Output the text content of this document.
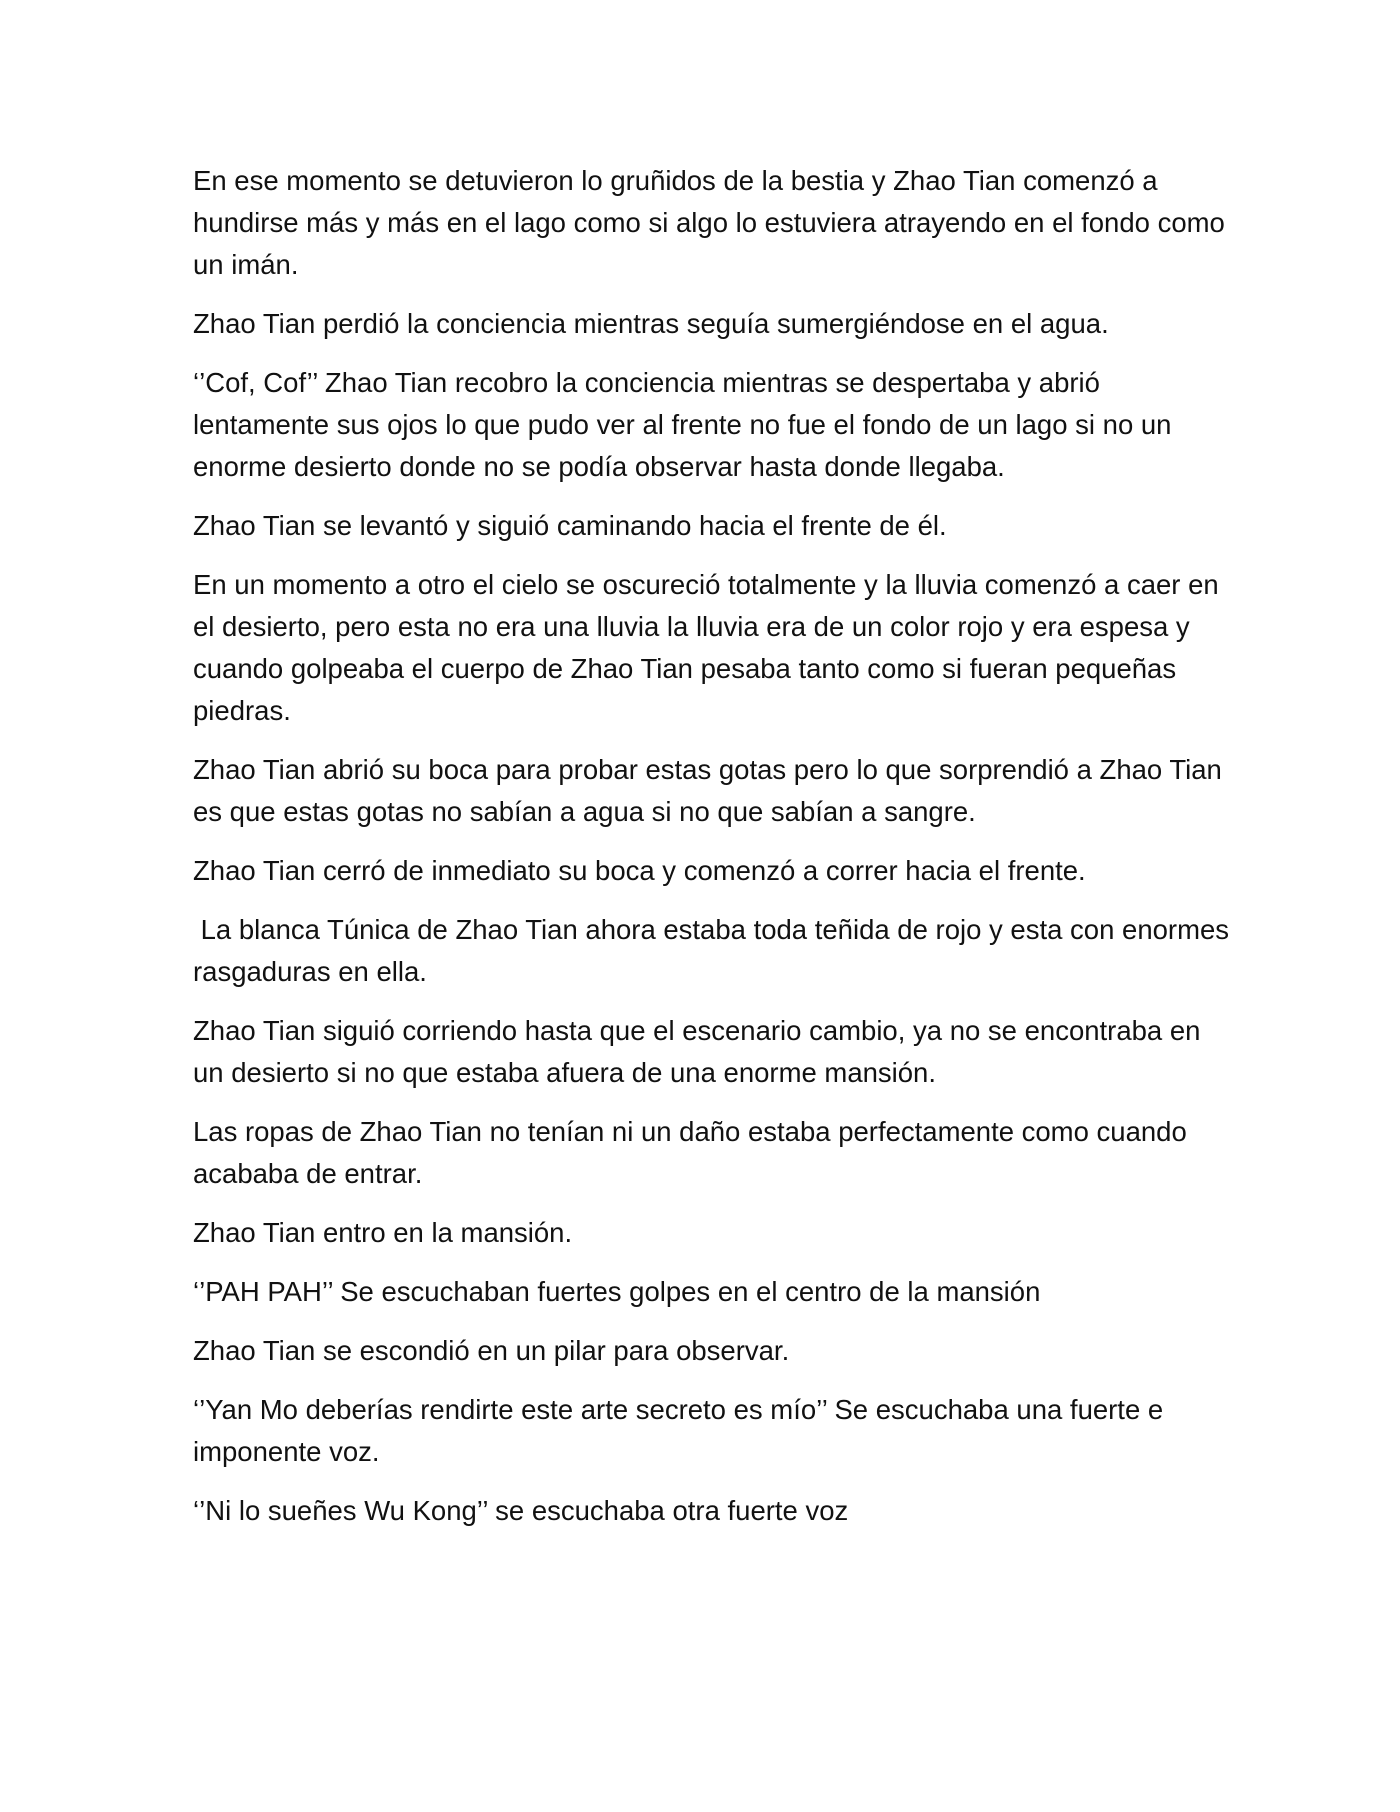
En ese momento se detuvieron lo gruñidos de la bestia y Zhao Tian comenzó a hundirse más y más en el lago como si algo lo estuviera atrayendo en el fondo como un imán.

Zhao Tian perdió la conciencia mientras seguía sumergiéndose en el agua.

‘’Cof, Cof’’ Zhao Tian recobro la conciencia mientras se despertaba y abrió lentamente sus ojos lo que pudo ver al frente no fue el fondo de un lago si no un enorme desierto donde no se podía observar hasta donde llegaba.

Zhao Tian se levantó y siguió caminando hacia el frente de él.

En un momento a otro el cielo se oscureció totalmente y la lluvia comenzó a caer en el desierto, pero esta no era una lluvia la lluvia era de un color rojo y era espesa y cuando golpeaba el cuerpo de Zhao Tian pesaba tanto como si fueran pequeñas piedras.

Zhao Tian abrió su boca para probar estas gotas pero lo que sorprendió a Zhao Tian es que estas gotas no sabían a agua si no que sabían a sangre.

Zhao Tian cerró de inmediato su boca y comenzó a correr hacia el frente.

La blanca Túnica de Zhao Tian ahora estaba toda teñida de rojo y esta con enormes rasgaduras en ella.

Zhao Tian siguió corriendo hasta que el escenario cambio, ya no se encontraba en un desierto si no que estaba afuera de una enorme mansión.

Las ropas de Zhao Tian no tenían ni un daño estaba perfectamente como cuando acababa de entrar.

Zhao Tian entro en la mansión.

‘’PAH PAH’’ Se escuchaban fuertes golpes en el centro de la mansión

Zhao Tian se escondió en un pilar para observar.

‘’Yan Mo deberías rendirte este arte secreto es mío’’ Se escuchaba una fuerte e imponente voz.

‘’Ni lo sueñes Wu Kong’’ se escuchaba otra fuerte voz
